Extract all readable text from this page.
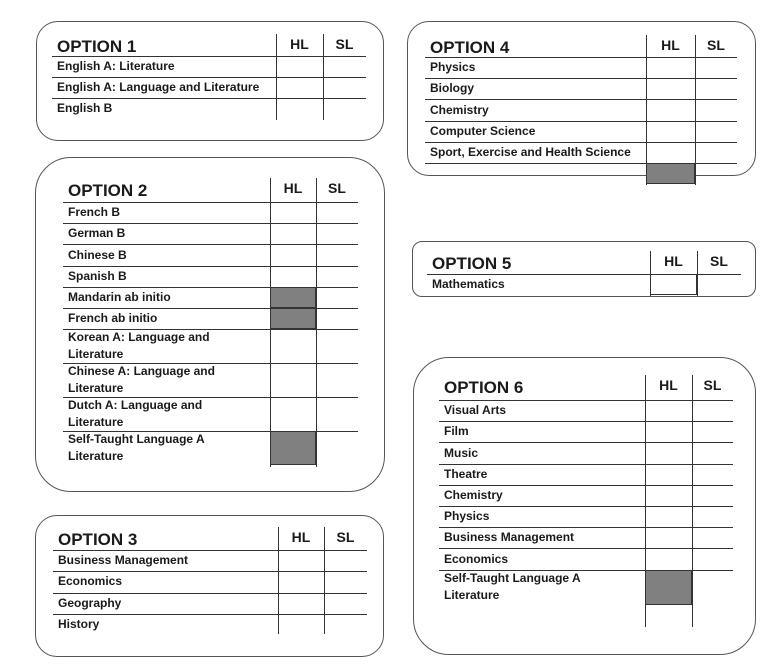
OPTION 1	HL	SL
English A: Literature
English A: Language and Literature
English B
OPTION 2	HL	SL
French B
German B
Chinese B
Spanish B
Mandarin ab initio
French ab initio
Korean A: Language and
Literature
Chinese A: Language and
Literature
Dutch A: Language and
Literature
Self-Taught Language A
Literature
OPTION 3	HL	SL
Business Management
Economics
Geography
History
OPTION 4	HL	SL
Physics
Biology
Chemistry
Computer Science
Sport, Exercise and Health Science
OPTION 5	HL	SL
Mathematics
OPTION 6	HL	SL
Visual Arts
Film
Music
Theatre
Chemistry
Physics
Business Management
Economics
Self-Taught Language A
Literature
